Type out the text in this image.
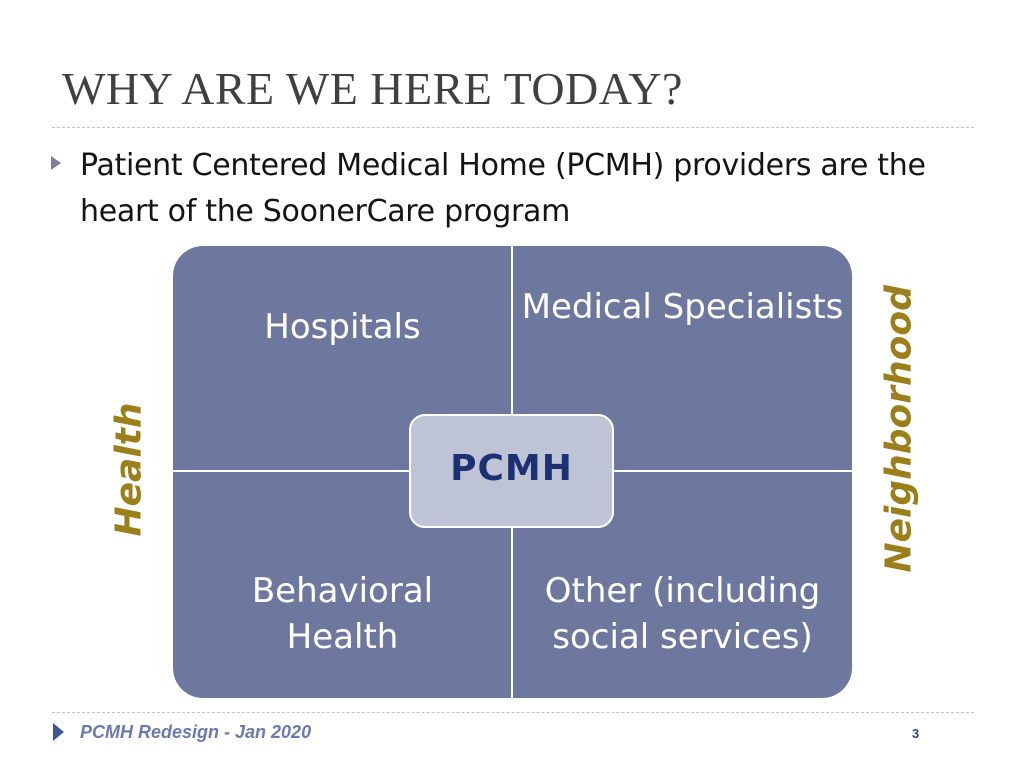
WHY ARE WE HERE TODAY?
Patient Centered Medical Home (PCMH) providers are the heart of the SoonerCare program
Hospitals	Medical Specialists
Behavioral Health
Other (including social services)
PCMH
Health	Neighborhood
PCMH Redesign - Jan 2020	3
